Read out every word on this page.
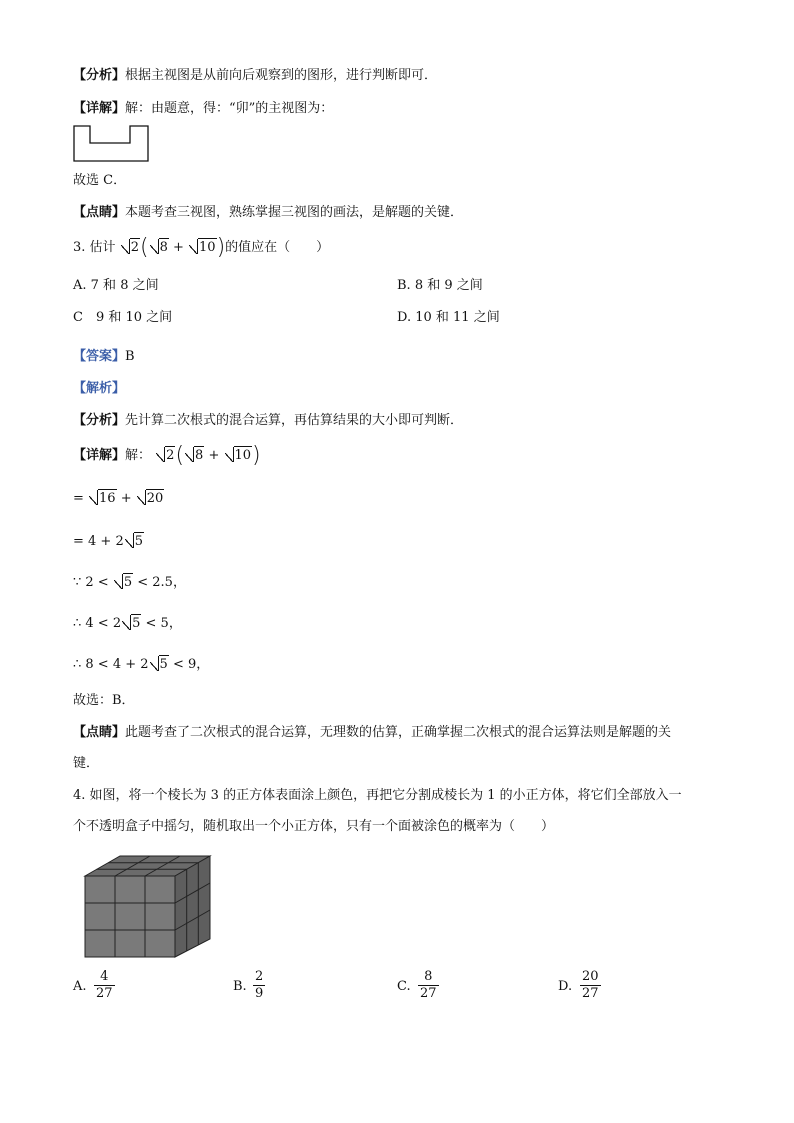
【分析】根据主视图是从前向后观察到的图形，进行判断即可．
【详解】解：由题意，得：“卯”的主视图为：
故选 C．
【点睛】本题考查三视图，熟练掌握三视图的画法，是解题的关键．
3. 估计 2( 8 + 10)的值应在（　　）
A. 7 和 8 之间	B. 8 和 9 之间
C　9 和 10 之间	D. 10 和 11 之间
【答案】B
【解析】
【分析】先计算二次根式的混合运算，再估算结果的大小即可判断．
【详解】解： 2( 8 + 10)
= 16 + 20
= 4 + 2 5
∵ 2 < 5 < 2.5，
∴ 4 < 2 5 < 5，
∴ 8 < 4 + 2 5 < 9，
故选：B．
【点睛】此题考查了二次根式的混合运算，无理数的估算，正确掌握二次根式的混合运算法则是解题的关
键．
4. 如图，将一个棱长为 3 的正方体表面涂上颜色，再把它分割成棱长为 1 的小正方体，将它们全部放入一
个不透明盒子中摇匀，随机取出一个小正方体，只有一个面被涂色的概率为（　　）
A. $\frac{4}{27}$	B. $\frac{2}{9}$	C. $\frac{8}{27}$	D. $\frac{20}{27}$
